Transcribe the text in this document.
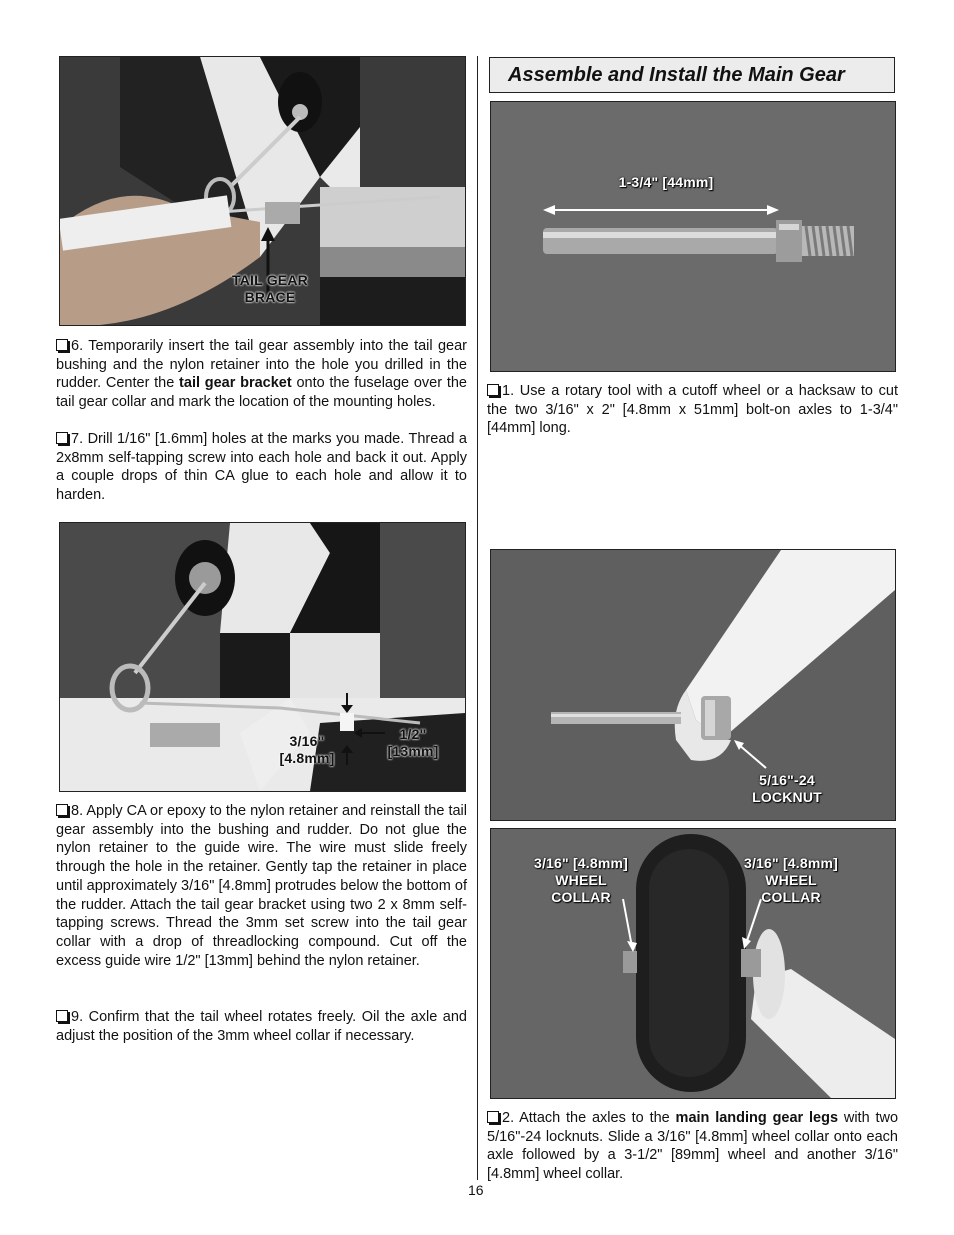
TAIL GEAR
BRACE
6. Temporarily insert the tail gear assembly into the tail gear bushing and the nylon retainer into the hole you drilled in the rudder. Center the tail gear bracket onto the fuselage over the tail gear collar and mark the location of the mounting holes.
7. Drill 1/16" [1.6mm] holes at the marks you made. Thread a 2x8mm self-tapping screw into each hole and back it out. Apply a couple drops of thin CA glue to each hole and allow it to harden.
3/16"
[4.8mm]
1/2"
[13mm]
8. Apply CA or epoxy to the nylon retainer and reinstall the tail gear assembly into the bushing and rudder. Do not glue the nylon retainer to the guide wire. The wire must slide freely through the hole in the retainer. Gently tap the retainer in place until approximately 3/16" [4.8mm] protrudes below the bottom of the rudder. Attach the tail gear bracket using two 2 x 8mm self-tapping screws. Thread the 3mm set screw into the tail gear collar with a drop of threadlocking compound. Cut off the excess guide wire 1/2" [13mm] behind the nylon retainer.
9. Confirm that the tail wheel rotates freely. Oil the axle and adjust the position of the 3mm wheel collar if necessary.
Assemble and Install the Main Gear
1-3/4" [44mm]
1. Use a rotary tool with a cutoff wheel or a hacksaw to cut the two 3/16" x 2" [4.8mm x 51mm] bolt-on axles to 1-3/4" [44mm] long.
5/16"-24
LOCKNUT
3/16" [4.8mm]
WHEEL
COLLAR
3/16" [4.8mm]
WHEEL
COLLAR
2. Attach the axles to the main landing gear legs with two 5/16"-24 locknuts. Slide a 3/16" [4.8mm] wheel collar onto each axle followed by a 3-1/2" [89mm] wheel and another 3/16" [4.8mm] wheel collar.
16
